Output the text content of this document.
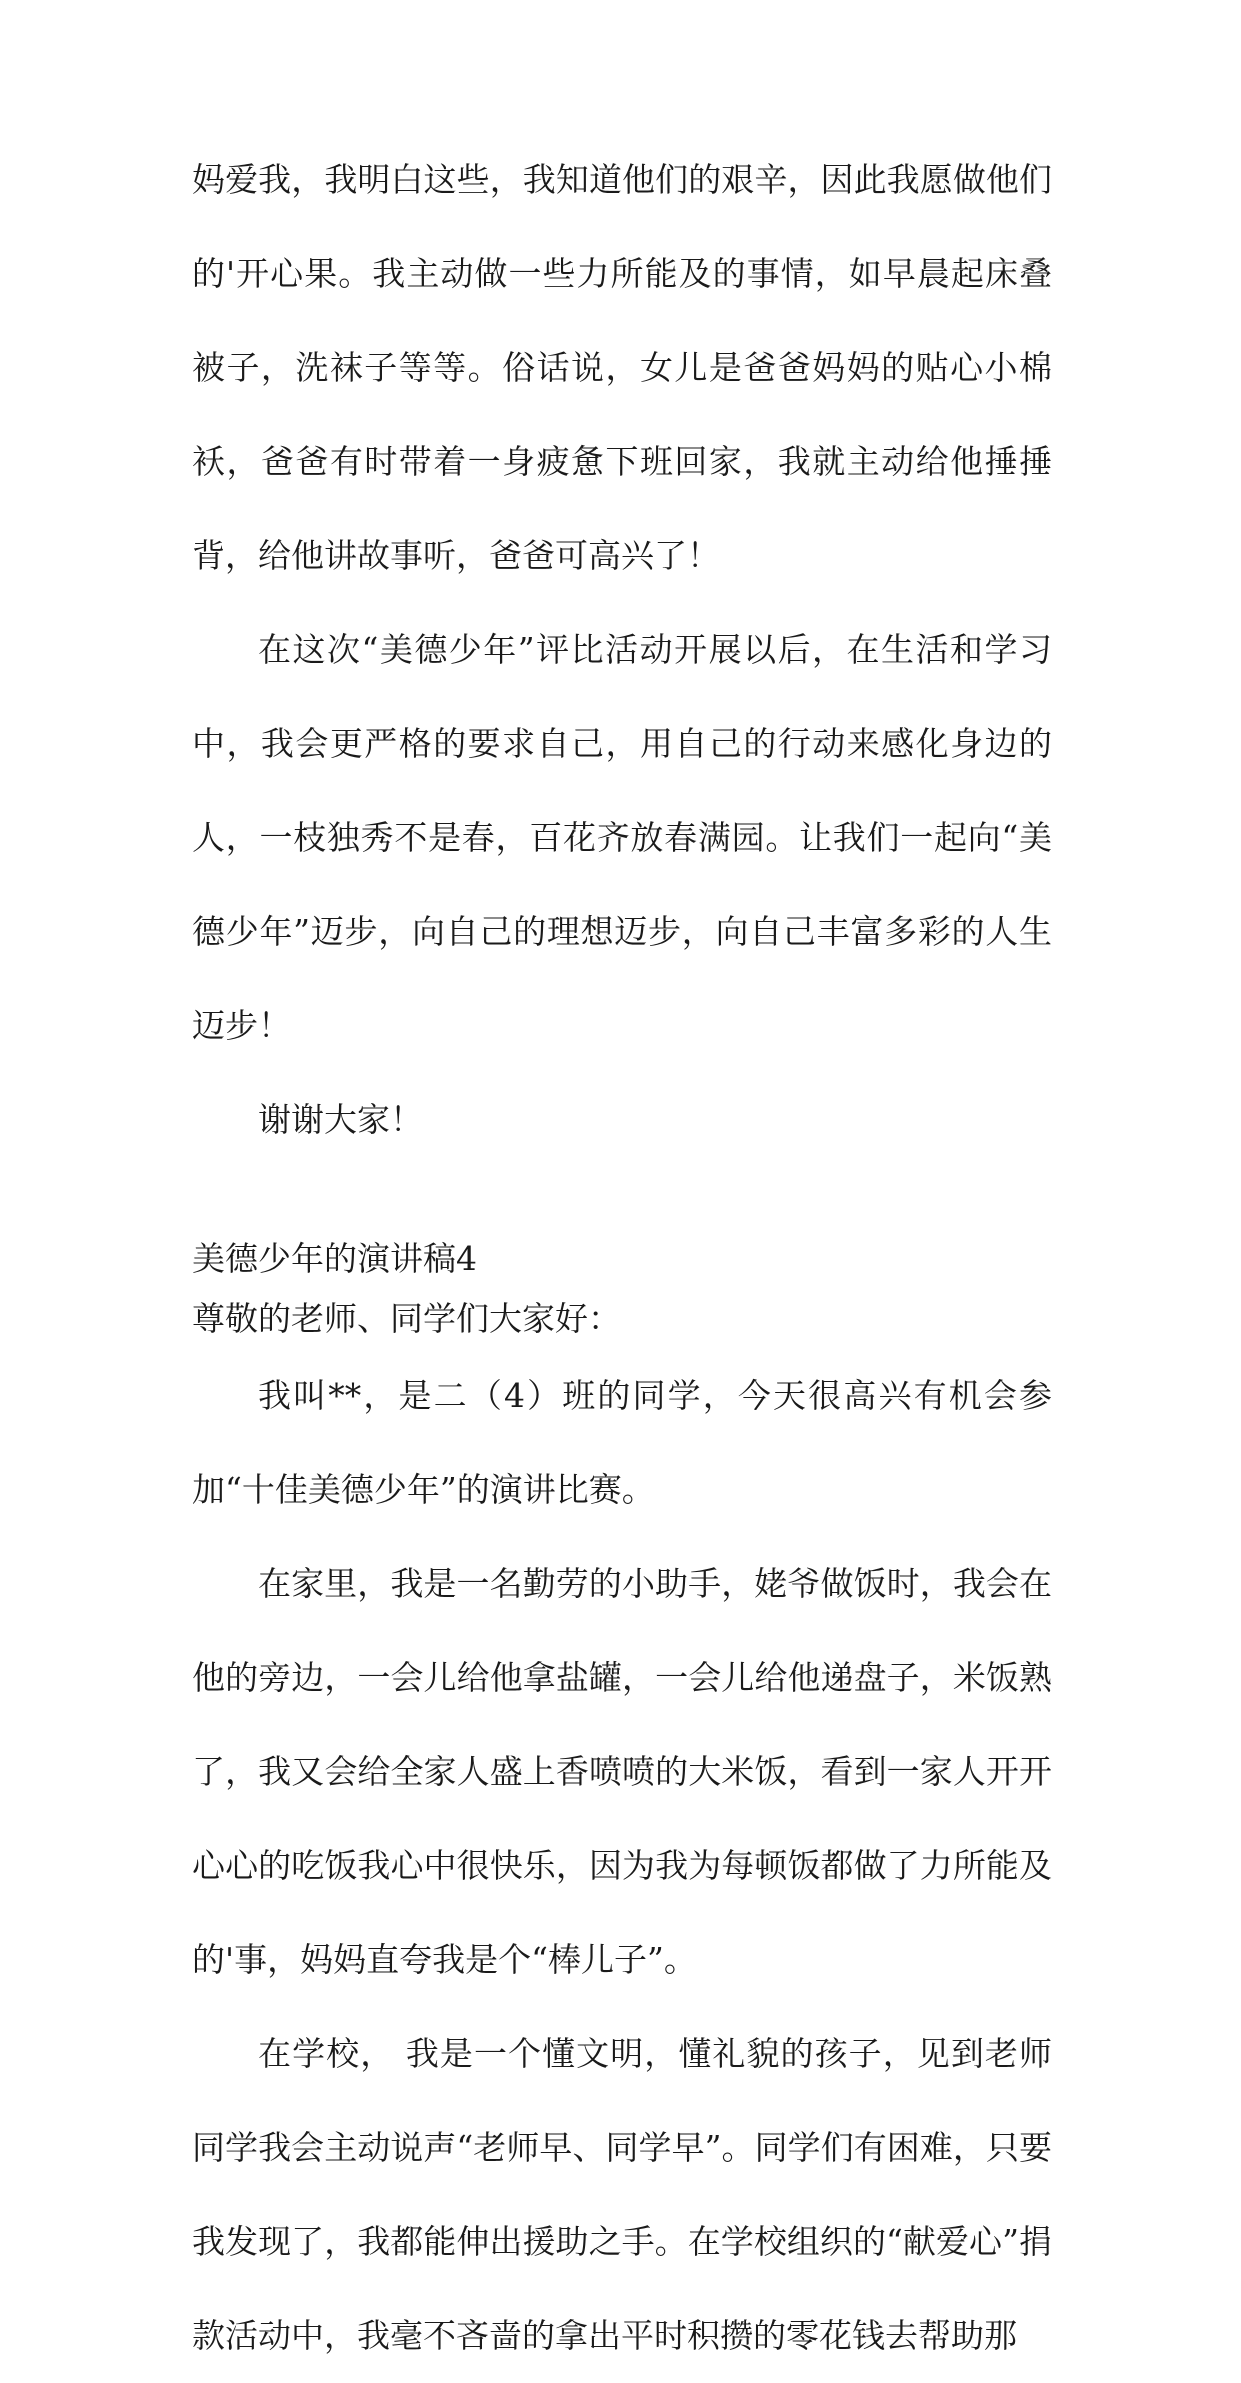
妈爱我，我明白这些，我知道他们的艰辛，因此我愿做他们的'开心果。我主动做一些力所能及的事情，如早晨起床叠被子，洗袜子等等。俗话说，女儿是爸爸妈妈的贴心小棉袄，爸爸有时带着一身疲惫下班回家，我就主动给他捶捶背，给他讲故事听，爸爸可高兴了！

在这次“美德少年”评比活动开展以后，在生活和学习中，我会更严格的要求自己，用自己的行动来感化身边的人，一枝独秀不是春，百花齐放春满园。让我们一起向“美德少年”迈步，向自己的理想迈步，向自己丰富多彩的人生迈步！

谢谢大家！

美德少年的演讲稿4

尊敬的老师、同学们大家好：

我叫**，是二（4）班的同学，今天很高兴有机会参加“十佳美德少年”的演讲比赛。

在家里，我是一名勤劳的小助手，姥爷做饭时，我会在他的旁边，一会儿给他拿盐罐，一会儿给他递盘子，米饭熟了，我又会给全家人盛上香喷喷的大米饭，看到一家人开开心心的吃饭我心中很快乐，因为我为每顿饭都做了力所能及的'事，妈妈直夸我是个“棒儿子”。

在学校， 我是一个懂文明，懂礼貌的孩子，见到老师同学我会主动说声“老师早、同学早”。同学们有困难，只要我发现了，我都能伸出援助之手。在学校组织的“献爱心”捐款活动中，我毫不吝啬的拿出平时积攒的零花钱去帮助那
